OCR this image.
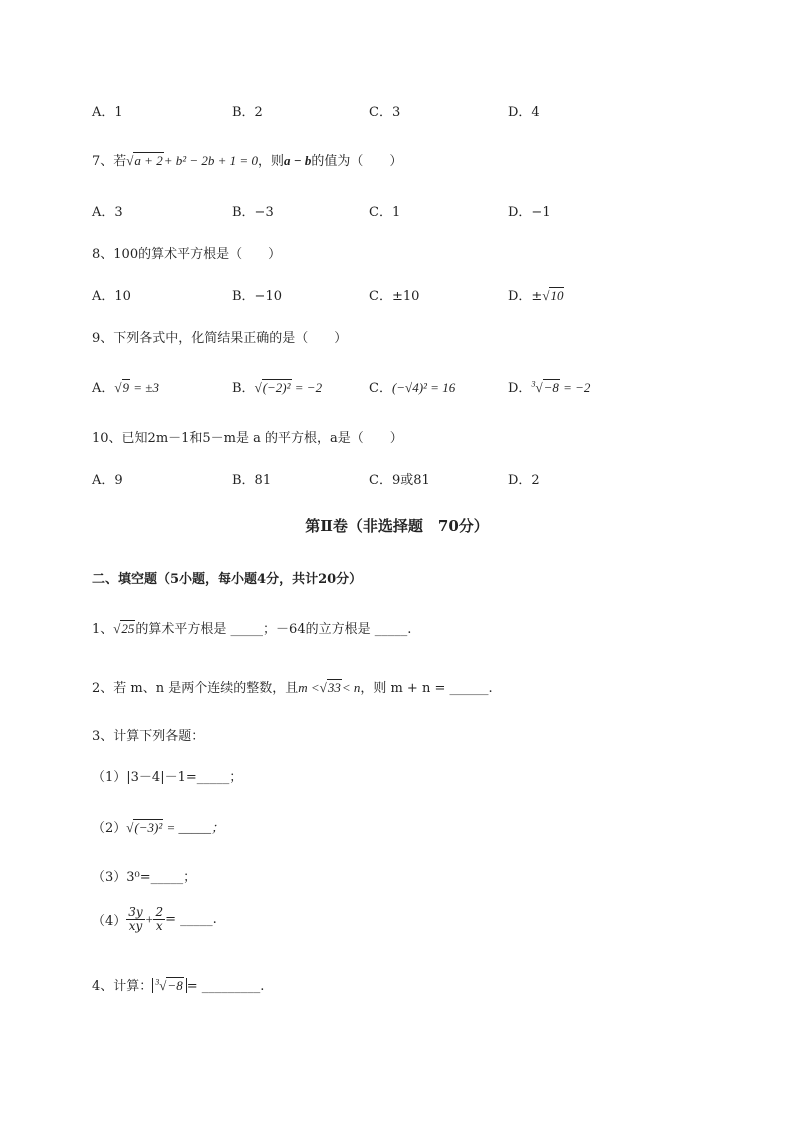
A．1	B．2	C．3	D．4
7、若√a + 2+ b² − 2b + 1 = 0，则a − b的值为（　　）
A．3	B．−3	C．1	D．−1
8、100的算术平方根是（　　）
A．10	B．−10	C．±10	D．±√10
9、下列各式中，化简结果正确的是（　　）
A．√9 = ±3	B．√(−2)² = −2	C．(−√4)² = 16	D．$^3$√−8 = −2
10、已知2m－1和5－m是 a 的平方根，a是（　　）
A．9	B．81	C．9或81	D．2
第Ⅱ卷（非选择题　70分）
二、填空题（5小题，每小题4分，共计20分）
1、√25的算术平方根是 _____；－64的立方根是 _____.
2、若 m、n 是两个连续的整数，且m <√33< n，则 m + n = ______.
3、计算下列各题：
（1）|3－4|－1=_____；
（2）√(−3)² = _____；
（3）3⁰=_____；
$(4) \frac{3y}{xy} + \frac{2}{x}$ = _____.
4、计算： $^3$√−8 = _________.
